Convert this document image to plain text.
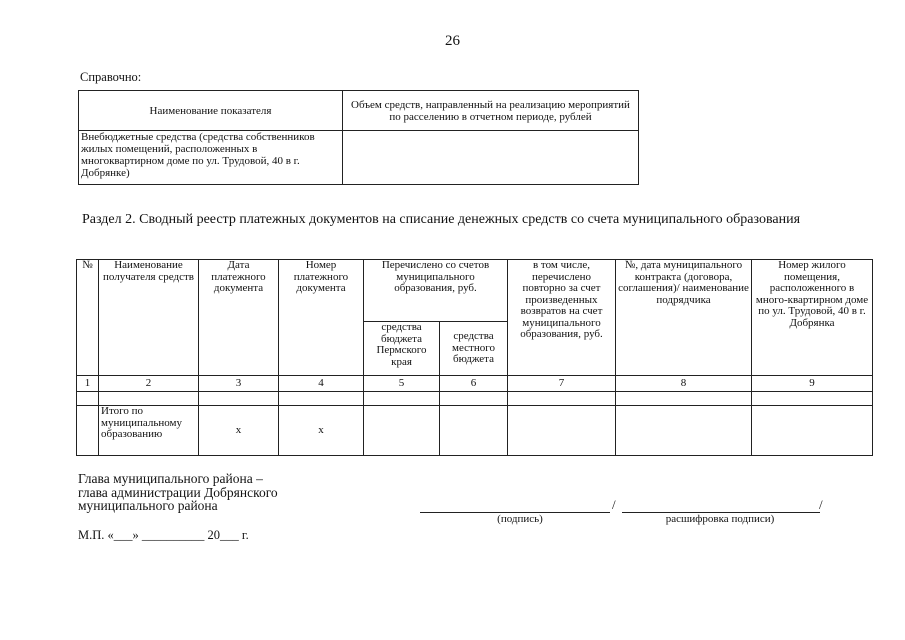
26
Справочно:
Наименование показателя	Объем средств, направленный на реализацию мероприятий по расселению в отчетном периоде, рублей
Внебюджетные средства (средства собственников жилых помещений, расположенных в многоквартирном доме по ул. Трудовой, 40 в г. Добрянке)	
Раздел 2. Сводный реестр платежных документов на списание денежных средств со счета муниципального образования
№	Наименование получателя средств	Дата платежного документа	Номер платежного документа	Перечислено со счетов муниципального образования, руб.		в том числе, перечислено повторно за счет произведенных возвратов на счет муниципального образования, руб.	№, дата муниципального контракта (договора, соглашения)/ наименование подрядчика	Номер жилого помещения, расположенного в много-квартирном доме по ул. Трудовой, 40 в г. Добрянка
				средства бюджета Пермского края	средства местного бюджета			
1	2	3	4	5	6	7	8	9

	Итого по муниципальному образованию	х	х					
Глава муниципального района –
глава администрации Добрянского
муниципального района	/	/
(подпись)	расшифровка подписи)
М.П. «___» __________ 20___ г.
